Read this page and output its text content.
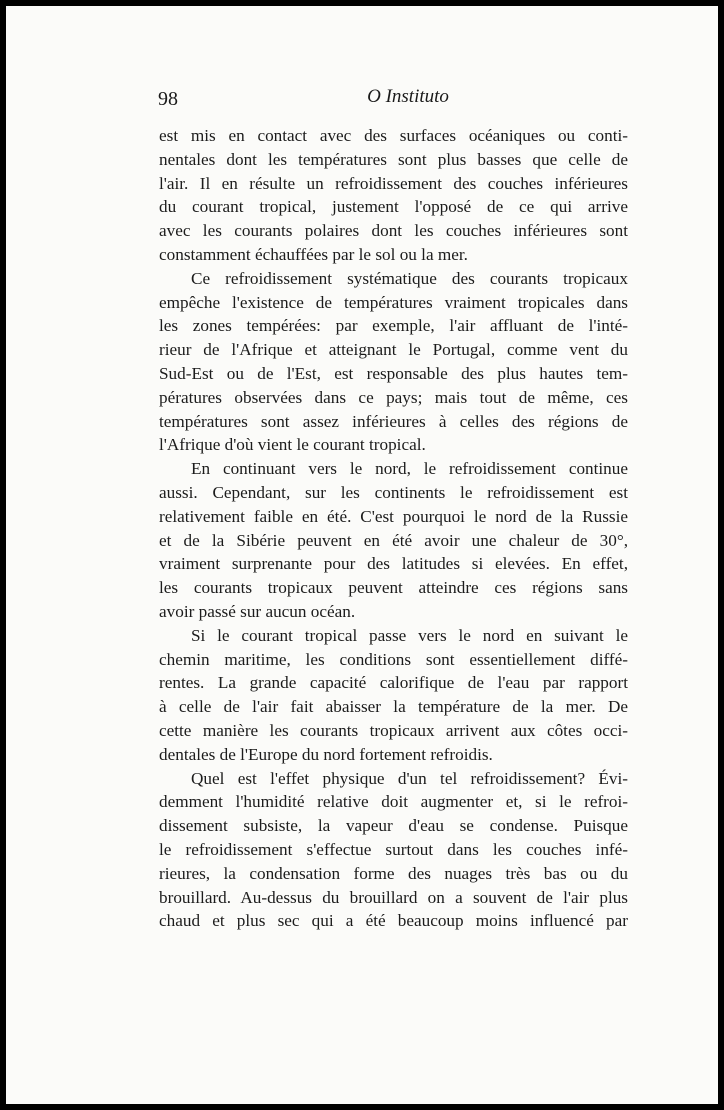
98	O Instituto
est mis en contact avec des surfaces océaniques ou conti-
nentales dont les températures sont plus basses que celle de
l'air. Il en résulte un refroidissement des couches inférieures
du courant tropical, justement l'opposé de ce qui arrive
avec les courants polaires dont les couches inférieures sont
constamment échauffées par le sol ou la mer.
Ce refroidissement systématique des courants tropicaux
empêche l'existence de températures vraiment tropicales dans
les zones tempérées: par exemple, l'air affluant de l'inté-
rieur de l'Afrique et atteignant le Portugal, comme vent du
Sud-Est ou de l'Est, est responsable des plus hautes tem-
pératures observées dans ce pays; mais tout de même, ces
températures sont assez inférieures à celles des régions de
l'Afrique d'où vient le courant tropical.
En continuant vers le nord, le refroidissement continue
aussi. Cependant, sur les continents le refroidissement est
relativement faible en été. C'est pourquoi le nord de la Russie
et de la Sibérie peuvent en été avoir une chaleur de 30°,
vraiment surprenante pour des latitudes si elevées. En effet,
les courants tropicaux peuvent atteindre ces régions sans
avoir passé sur aucun océan.
Si le courant tropical passe vers le nord en suivant le
chemin maritime, les conditions sont essentiellement diffé-
rentes. La grande capacité calorifique de l'eau par rapport
à celle de l'air fait abaisser la température de la mer. De
cette manière les courants tropicaux arrivent aux côtes occi-
dentales de l'Europe du nord fortement refroidis.
Quel est l'effet physique d'un tel refroidissement? Évi-
demment l'humidité relative doit augmenter et, si le refroi-
dissement subsiste, la vapeur d'eau se condense. Puisque
le refroidissement s'effectue surtout dans les couches infé-
rieures, la condensation forme des nuages très bas ou du
brouillard. Au-dessus du brouillard on a souvent de l'air plus
chaud et plus sec qui a été beaucoup moins influencé par
